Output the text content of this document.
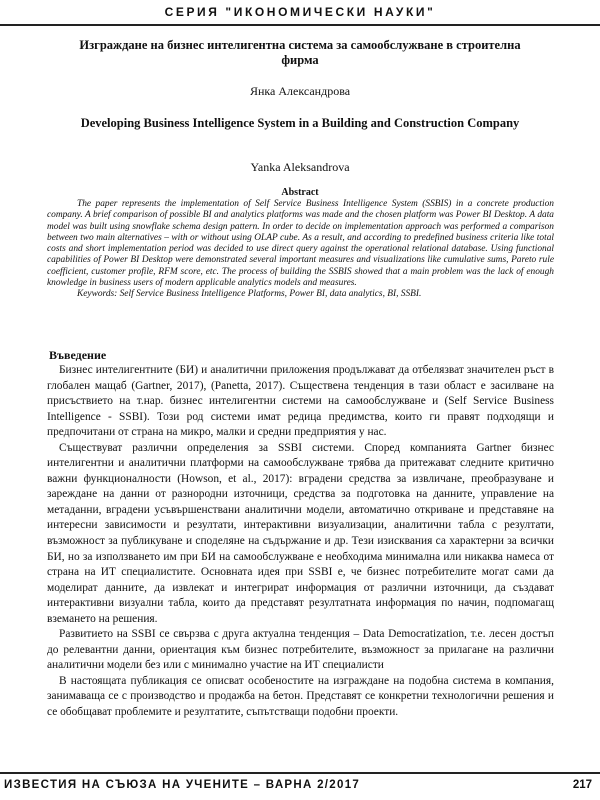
СЕРИЯ "ИКОНОМИЧЕСКИ НАУКИ"
Изграждане на бизнес интелигентна система за самообслужване в строителна фирма
Янка Александрова
Developing Business Intelligence System in a Building and Construction Company
Yanka Aleksandrova
Abstract
The paper represents the implementation of Self Service Business Intelligence System (SSBIS) in a concrete production company. A brief comparison of possible BI and analytics platforms was made and the chosen platform was Power BI Desktop. A data model was built using snowflake schema design pattern. In order to decide on implementation approach was performed a comparison between two main alternatives – with or without using OLAP cube. As a result, and according to predefined business criteria like total costs and short implementation period was decided to use direct query against the operational relational database. Using functional capabilities of Power BI Desktop were demonstrated several important measures and visualizations like cumulative sums, Pareto rule coefficient, customer profile, RFM score, etc. The process of building the SSBIS showed that a main problem was the lack of enough knowledge in business users of modern applicable analytics models and measures.
Keywords: Self Service Business Intelligence Platforms, Power BI, data analytics, BI, SSBI.

Въведение

Бизнес интелигентните (БИ) и аналитични приложения продължават да отбелязват значителен ръст в глобален мащаб (Gartner, 2017), (Panetta, 2017). Съществена тенденция в тази област е засилване на присъствието на т.нар. бизнес интелигентни системи на самообслужване и (Self Service Business Intelligence - SSBI). Този род системи имат редица предимства, които ги правят подходящи и предпочитани от страна на микро, малки и средни предприятия у нас.

Съществуват различни определения за SSBI системи. Според компанията Gartner бизнес интелигентни и аналитични платформи на самообслужване трябва да притежават следните критично важни функционалности (Howson, et al., 2017): вградени средства за извличане, преобразуване и зареждане на данни от разнородни източници, средства за подготовка на данните, управление на метаданни, вградени усъвършенствани аналитични модели, автоматично откриване и представяне на интересни зависимости и резултати, интерактивни визуализации, аналитични табла с резултати, възможност за публикуване и споделяне на съдържание и др. Тези изисквания са характерни за всички БИ, но за използването им при БИ на самообслужване е необходима минимална или никаква намеса от страна на ИТ специалистите. Основната идея при SSBI е, че бизнес потребителите могат сами да моделират данните, да извлекат и интегрират информация от различни източници, да създават интерактивни визуални табла, които да представят резултатната информация по начин, подпомагащ вземането на решения.

Развитието на SSBI се свързва с друга актуална тенденция – Data Democratization, т.е. лесен достъп до релевантни данни, ориентация към бизнес потребителите, възможност за прилагане на различни аналитични модели без или с минимално участие на ИТ специалисти

В настоящата публикация се описват особеностите на изграждане на подобна система в компания, занимаваща се с производство и продажба на бетон. Представят се конкретни технологични решения и се обобщават проблемите и резултатите, съпътстващи подобни проекти.

ИЗВЕСТИЯ НА СЪЮЗА НА УЧЕНИТЕ – ВАРНА 2/2017	217
